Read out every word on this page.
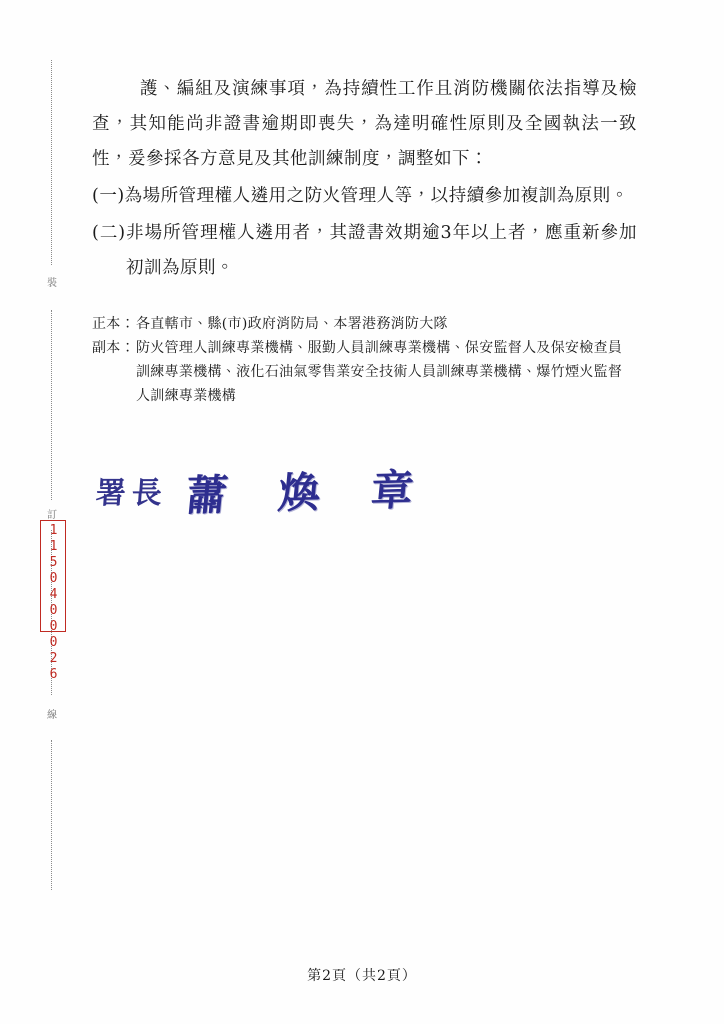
裝
訂
線
1150400026

護、編組及演練事項，為持續性工作且消防機關依法指導及檢查，其知能尚非證書逾期即喪失，為達明確性原則及全國執法一致性，爰參採各方意見及其他訓練制度，調整如下：

(一)為場所管理權人遴用之防火管理人等，以持續參加複訓為原則。

(二)非場所管理權人遴用者，其證書效期逾3年以上者，應重新參加初訓為原則。

正本：各直轄市、縣(市)政府消防局、本署港務消防大隊

副本：防火管理人訓練專業機構、服勤人員訓練專業機構、保安監督人及保安檢查員

訓練專業機構、液化石油氣零售業安全技術人員訓練專業機構、爆竹煙火監督

人訓練專業機構

署長 蕭 煥 章
第2頁（共2頁）
